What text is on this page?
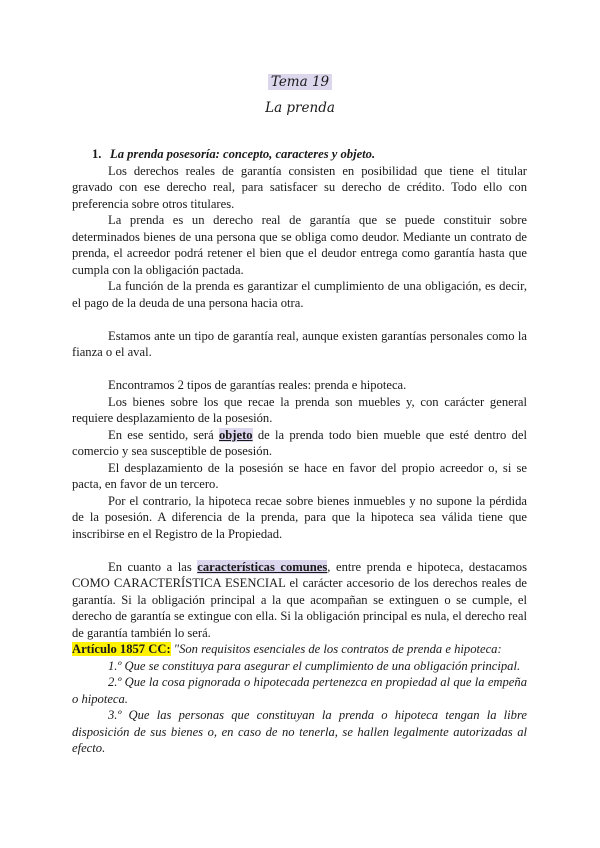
Tema 19
La prenda

1. La prenda posesoría: concepto, caracteres y objeto.

Los derechos reales de garantía consisten en posibilidad que tiene el titular gravado con ese derecho real, para satisfacer su derecho de crédito. Todo ello con preferencia sobre otros titulares.

La prenda es un derecho real de garantía que se puede constituir sobre determinados bienes de una persona que se obliga como deudor. Mediante un contrato de prenda, el acreedor podrá retener el bien que el deudor entrega como garantía hasta que cumpla con la obligación pactada.

La función de la prenda es garantizar el cumplimiento de una obligación, es decir, el pago de la deuda de una persona hacia otra.

Estamos ante un tipo de garantía real, aunque existen garantías personales como la fianza o el aval.

Encontramos 2 tipos de garantías reales: prenda e hipoteca.

Los bienes sobre los que recae la prenda son muebles y, con carácter general requiere desplazamiento de la posesión.

En ese sentido, será objeto de la prenda todo bien mueble que esté dentro del comercio y sea susceptible de posesión.

El desplazamiento de la posesión se hace en favor del propio acreedor o, si se pacta, en favor de un tercero.

Por el contrario, la hipoteca recae sobre bienes inmuebles y no supone la pérdida de la posesión. A diferencia de la prenda, para que la hipoteca sea válida tiene que inscribirse en el Registro de la Propiedad.

En cuanto a las características comunes, entre prenda e hipoteca, destacamos COMO CARACTERÍSTICA ESENCIAL el carácter accesorio de los derechos reales de garantía. Si la obligación principal a la que acompañan se extinguen o se cumple, el derecho de garantía se extingue con ella. Si la obligación principal es nula, el derecho real de garantía también lo será.

Artículo 1857 CC: "Son requisitos esenciales de los contratos de prenda e hipoteca:

1.º Que se constituya para asegurar el cumplimiento de una obligación principal.

2.º Que la cosa pignorada o hipotecada pertenezca en propiedad al que la empeña o hipoteca.

3.º Que las personas que constituyan la prenda o hipoteca tengan la libre disposición de sus bienes o, en caso de no tenerla, se hallen legalmente autorizadas al efecto.
